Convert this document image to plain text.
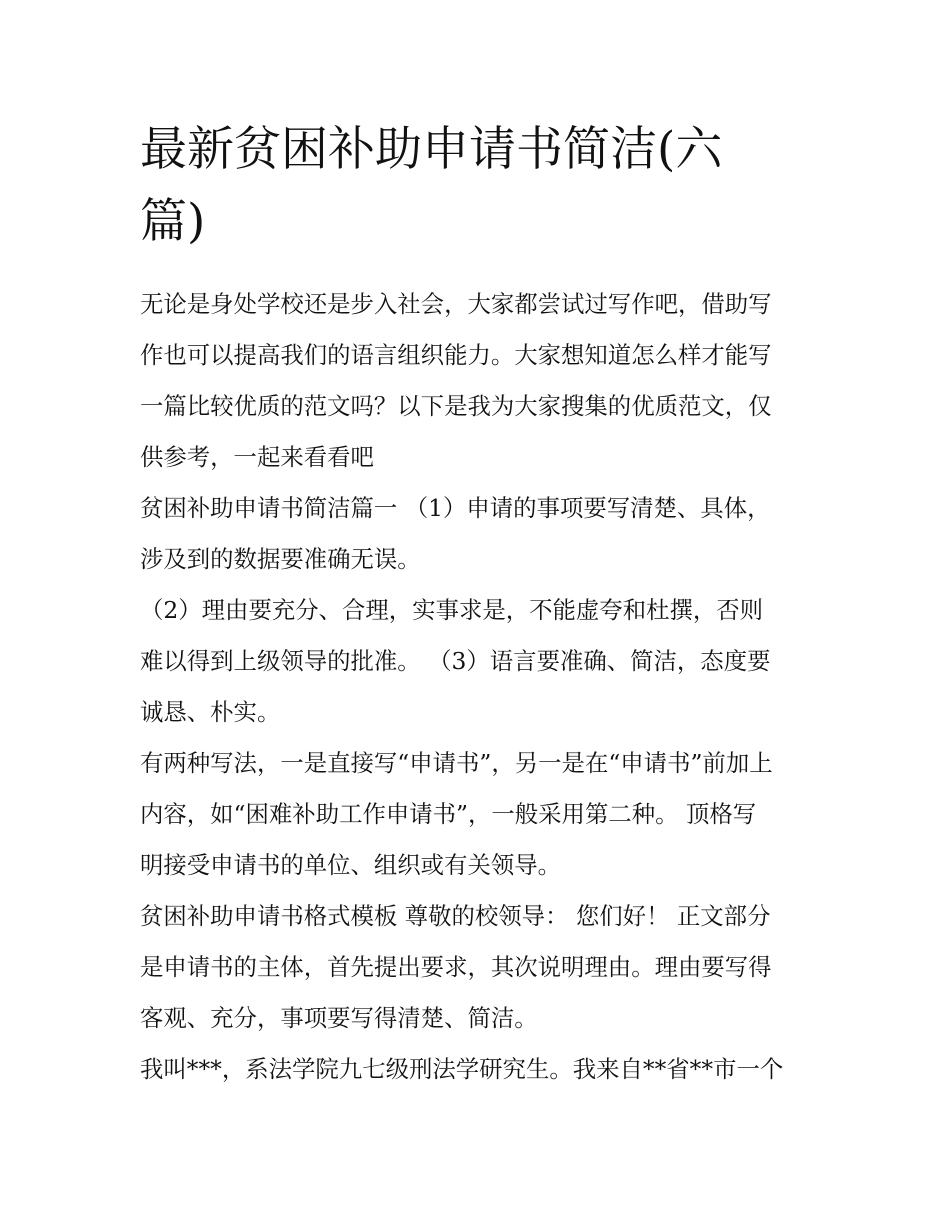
最新贫困补助申请书简洁(六
篇)

无论是身处学校还是步入社会，大家都尝试过写作吧，借助写
作也可以提高我们的语言组织能力。大家想知道怎么样才能写
一篇比较优质的范文吗？以下是我为大家搜集的优质范文，仅
供参考，一起来看看吧

贫困补助申请书简洁篇一 （1）申请的事项要写清楚、具体，
涉及到的数据要准确无误。

（2）理由要充分、合理，实事求是，不能虚夸和杜撰，否则
难以得到上级领导的批准。 （3）语言要准确、简洁，态度要
诚恳、朴实。

有两种写法，一是直接写“申请书”，另一是在“申请书”前加上
内容，如“困难补助工作申请书”，一般采用第二种。 顶格写
明接受申请书的单位、组织或有关领导。

贫困补助申请书格式模板 尊敬的校领导： 您们好！ 正文部分
是申请书的主体，首先提出要求，其次说明理由。理由要写得
客观、充分，事项要写得清楚、简洁。

我叫***，系法学院九七级刑法学研究生。我来自**省**市一个
